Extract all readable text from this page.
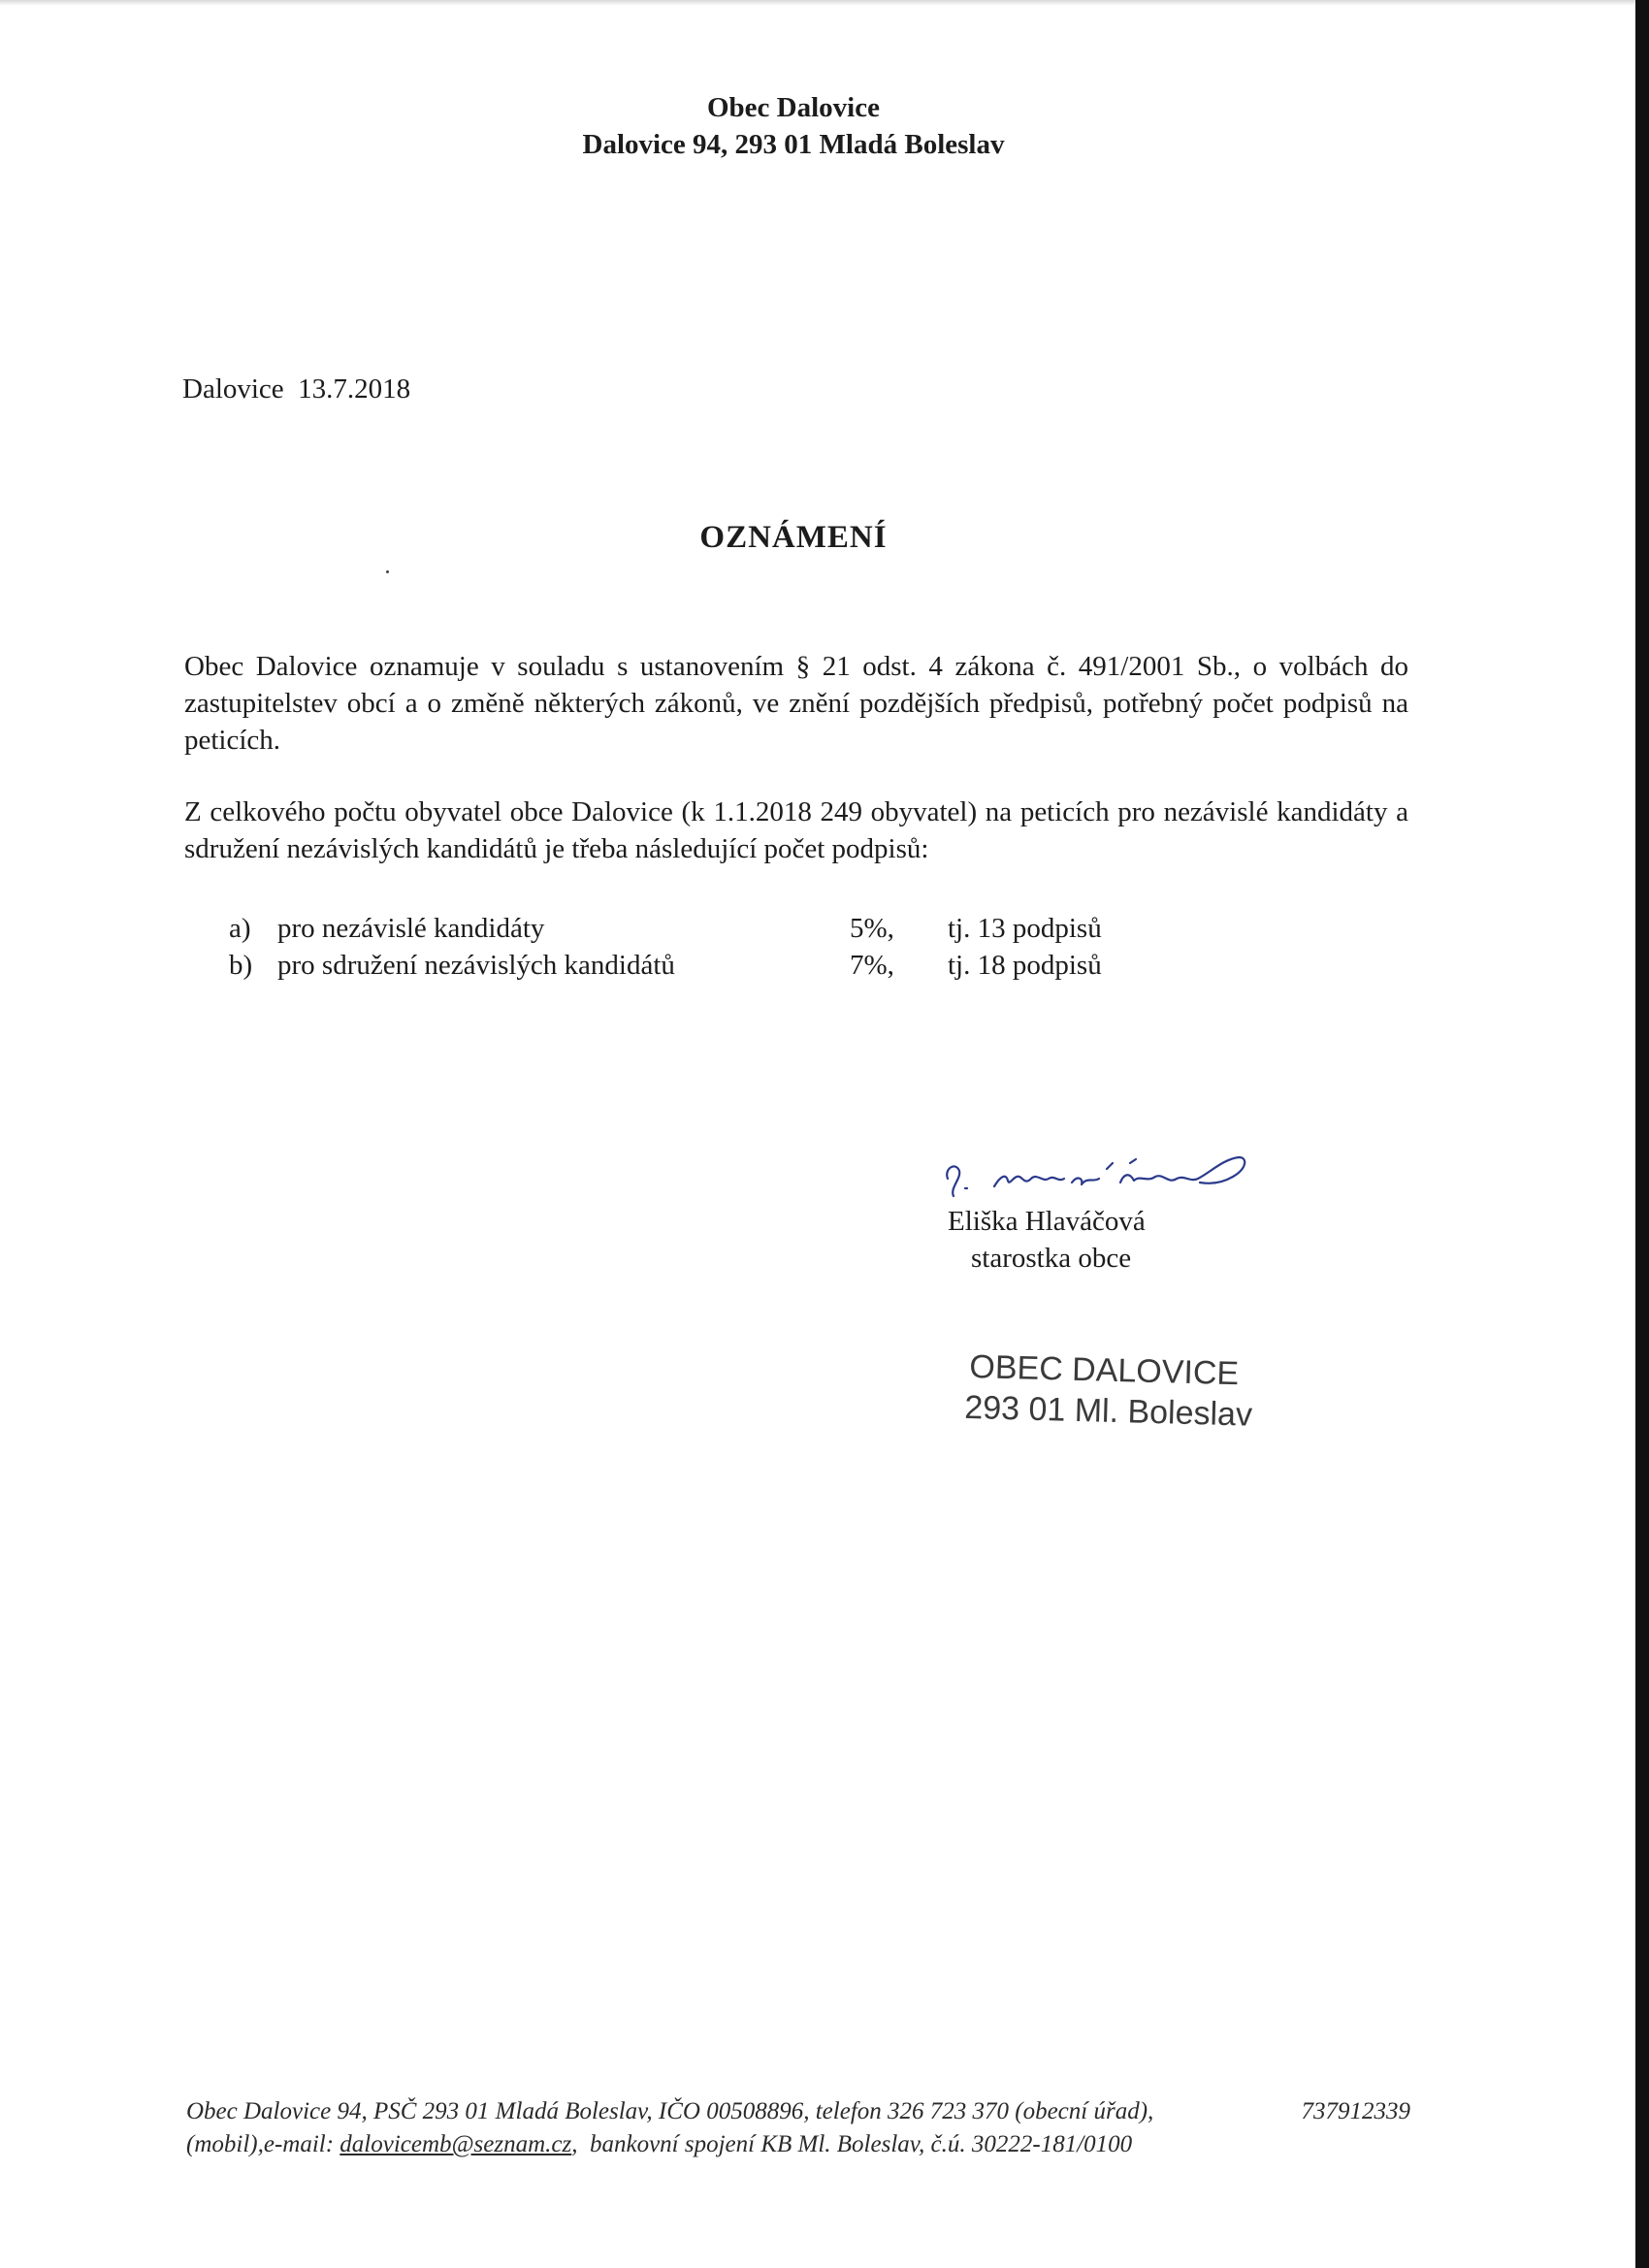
Obec Dalovice
Dalovice 94, 293 01 Mladá Boleslav
Dalovice  13.7.2018
OZNÁMENÍ
Obec Dalovice oznamuje v souladu s ustanovením § 21 odst. 4 zákona č. 491/2001 Sb., o volbách do zastupitelstev obcí a o změně některých zákonů, ve znění pozdějších předpisů, potřebný počet podpisů na peticích.
Z celkového počtu obyvatel obce Dalovice (k 1.1.2018 249 obyvatel) na peticích pro nezávislé kandidáty a sdružení nezávislých kandidátů je třeba následující počet podpisů:
a) pro nezávislé kandidáty	5%, tj. 13 podpisů
b) pro sdružení nezávislých kandidátů	7%, tj. 18 podpisů
Eliška Hlaváčová
starostka obce
OBEC DALOVICE
293 01 Ml. Boleslav
Obec Dalovice 94, PSČ 293 01 Mladá Boleslav, IČO 00508896, telefon 326 723 370 (obecní úřad),	737912339
(mobil),e-mail: dalovicemb@seznam.cz,  bankovní spojení KB Ml. Boleslav, č.ú. 30222-181/0100
